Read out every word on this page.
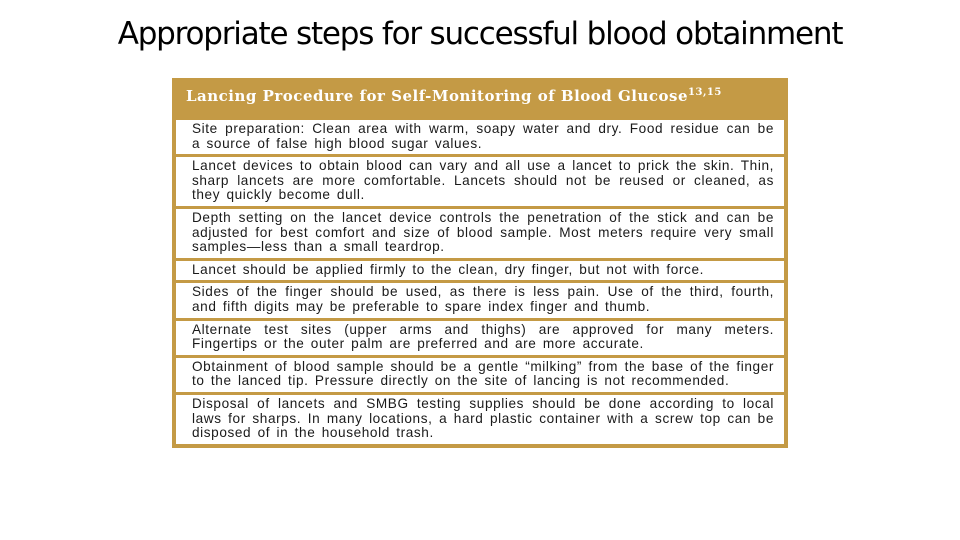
Appropriate steps for successful blood obtainment
Lancing Procedure for Self-Monitoring of Blood Glucose$^{13,15}$
Site preparation: Clean area with warm, soapy water and dry. Food residue can be a source of false high blood sugar values.
Lancet devices to obtain blood can vary and all use a lancet to prick the skin. Thin, sharp lancets are more comfortable. Lancets should not be reused or cleaned, as they quickly become dull.
Depth setting on the lancet device controls the penetration of the stick and can be adjusted for best comfort and size of blood sample. Most meters require very small samples—less than a small teardrop.
Lancet should be applied firmly to the clean, dry finger, but not with force.
Sides of the finger should be used, as there is less pain. Use of the third, fourth, and fifth digits may be preferable to spare index finger and thumb.
Alternate test sites (upper arms and thighs) are approved for many meters. Fingertips or the outer palm are preferred and are more accurate.
Obtainment of blood sample should be a gentle “milking” from the base of the finger to the lanced tip. Pressure directly on the site of lancing is not recommended.
Disposal of lancets and SMBG testing supplies should be done according to local laws for sharps. In many locations, a hard plastic container with a screw top can be disposed of in the household trash.
